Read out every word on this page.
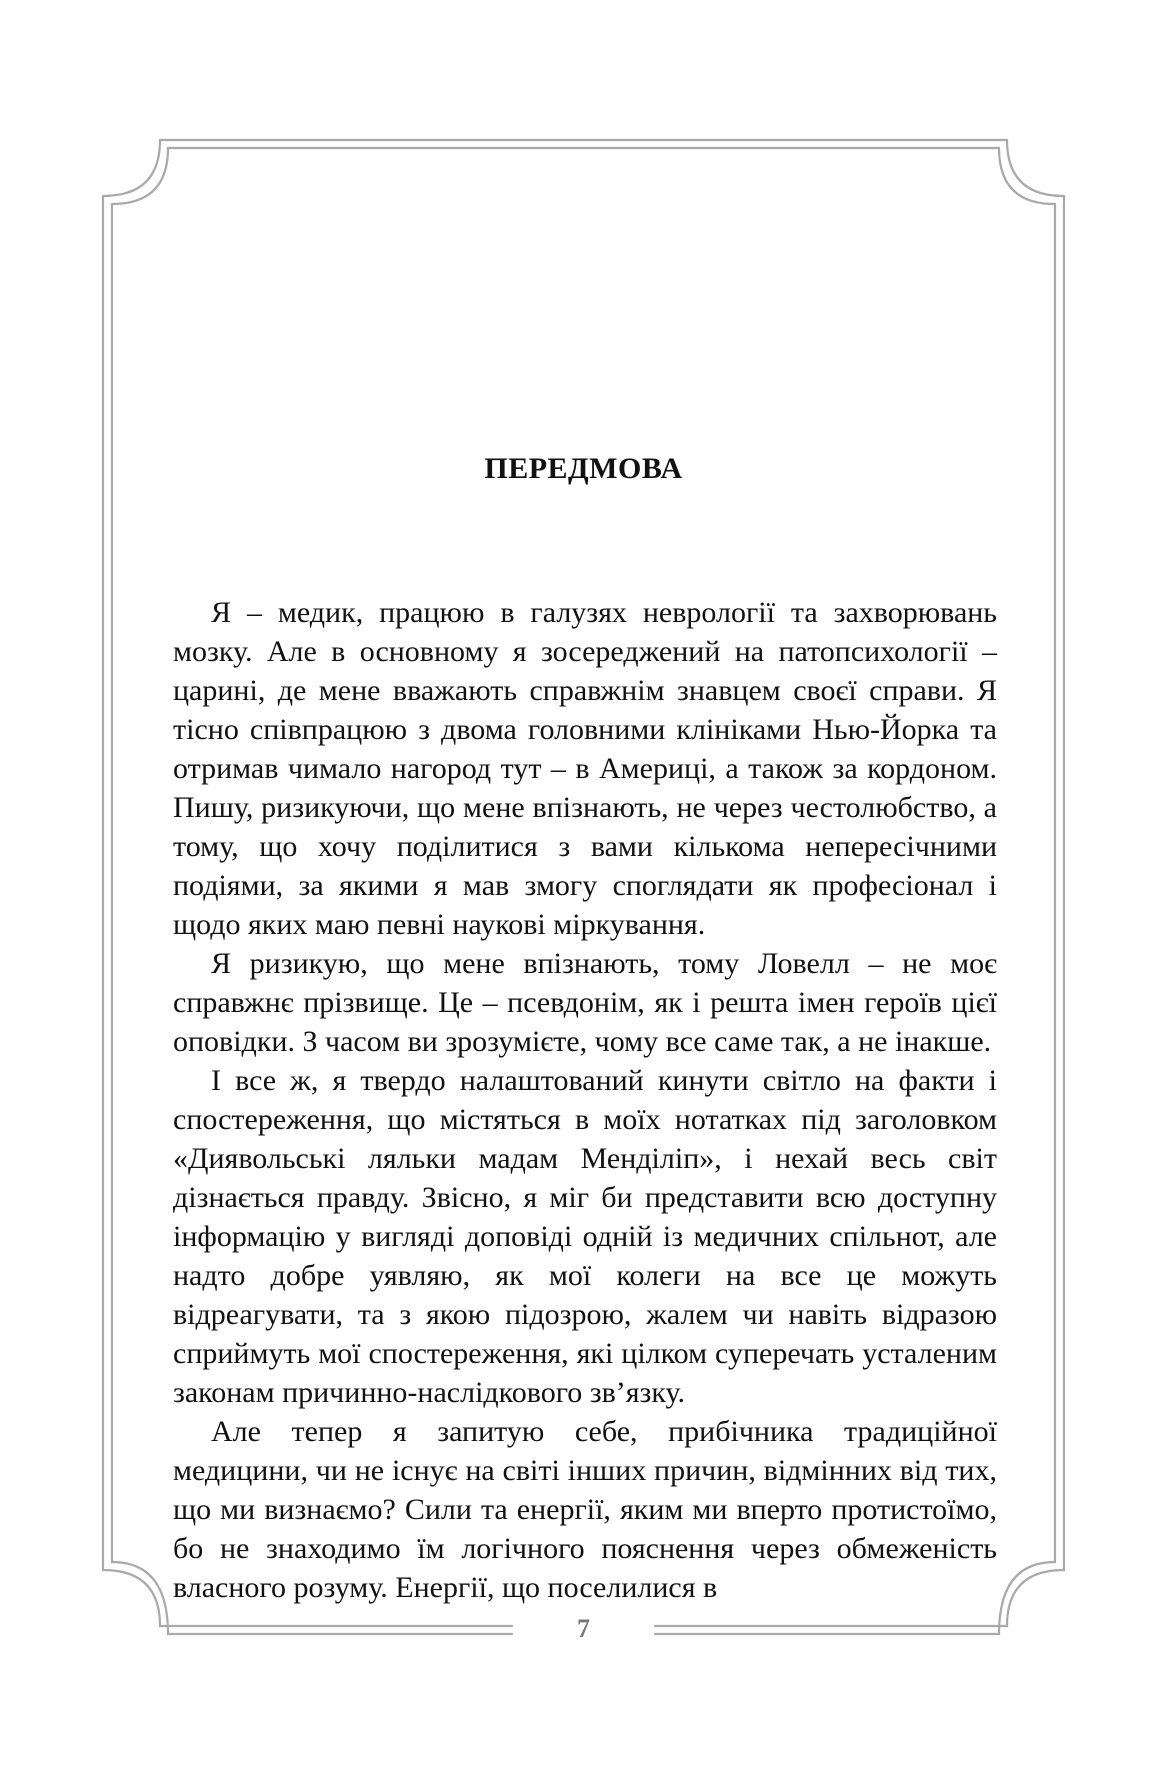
ПЕРЕДМОВА

Я – медик, працюю в галузях неврології та захворювань мозку. Але в основному я зосереджений на патопсихології – царині, де мене вважають справжнім знавцем своєї справи. Я тісно співпрацюю з двома головними клініками Нью-Йорка та отримав чимало нагород тут – в Америці, а також за кордоном. Пишу, ризикуючи, що мене впізнають, не через честолюбство, а тому, що хочу поділитися з вами кількома непересічними подіями, за якими я мав змогу споглядати як професіонал і щодо яких маю певні наукові міркування.

Я ризикую, що мене впізнають, тому Ловелл – не моє справжнє прізвище. Це – псевдонім, як і решта імен героїв цієї оповідки. З часом ви зрозумієте, чому все саме так, а не інакше.

І все ж, я твердо налаштований кинути світло на факти і спостереження, що містяться в моїх нотатках під заголовком «Диявольські ляльки мадам Менділіп», і нехай весь світ дізнається правду. Звісно, я міг би представити всю доступну інформацію у вигляді доповіді одній із медичних спільнот, але надто добре уявляю, як мої колеги на все це можуть відреагувати, та з якою підозрою, жалем чи навіть відразою сприймуть мої спостереження, які цілком суперечать усталеним законам причинно-наслідкового зв’язку.

Але тепер я запитую себе, прибічника традиційної медицини, чи не існує на світі інших причин, відмінних від тих, що ми визнаємо? Сили та енергії, яким ми вперто протистоїмо, бо не знаходимо їм логічного пояснення через обмеженість власного розуму. Енергії, що поселилися в

7
